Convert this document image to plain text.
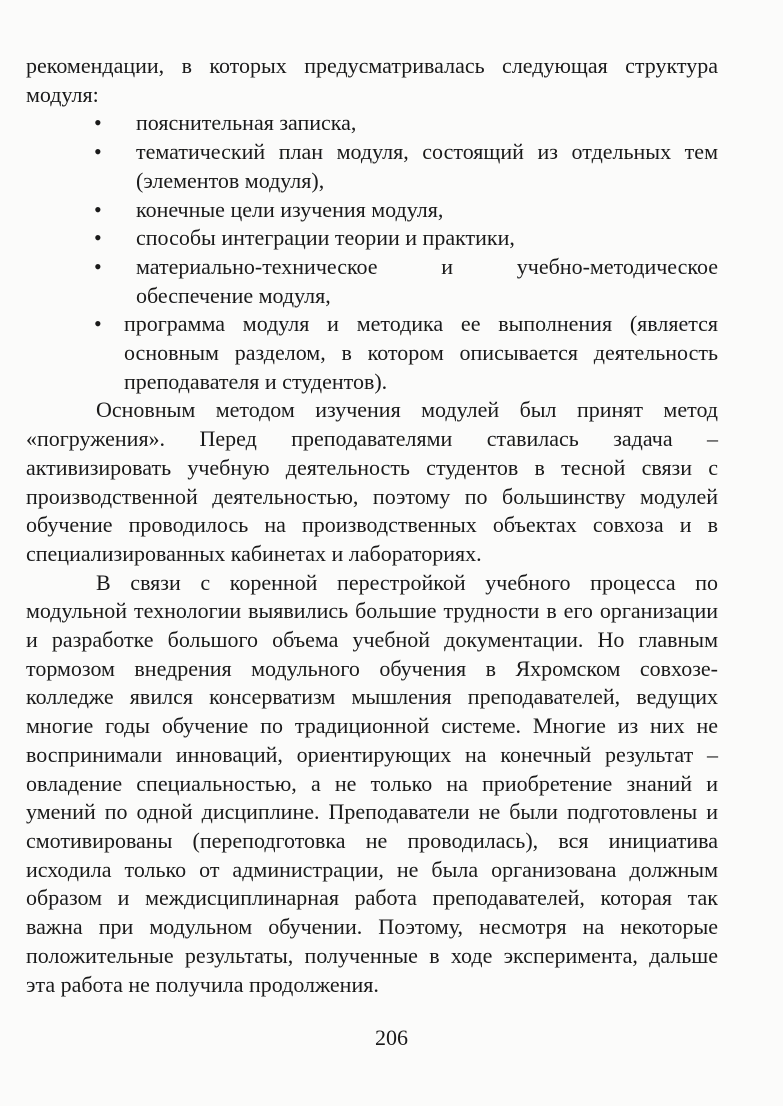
рекомендации, в которых предусматривалась следующая структура модуля:

• пояснительная записка,
• тематический план модуля, состоящий из отдельных тем (элементов модуля),
• конечные цели изучения модуля,
• способы интеграции теории и практики,
• материально-техническое и учебно-методическое обеспечение модуля,
• программа модуля и методика ее выполнения (является основным разделом, в котором описывается деятельность преподавателя и студентов).

Основным методом изучения модулей был принят метод «погружения». Перед преподавателями ставилась задача – активизировать учебную деятельность студентов в тесной связи с производственной деятельностью, поэтому по большинству модулей обучение проводилось на производственных объектах совхоза и в специализированных кабинетах и лабораториях.

В связи с коренной перестройкой учебного процесса по модульной технологии выявились большие трудности в его организации и разработке большого объема учебной документации. Но главным тормозом внедрения модульного обучения в Яхромском совхозе-колледже явился консерватизм мышления преподавателей, ведущих многие годы обучение по традиционной системе. Многие из них не воспринимали инноваций, ориентирующих на конечный результат – овладение специальностью, а не только на приобретение знаний и умений по одной дисциплине. Преподаватели не были подготовлены и смотивированы (переподготовка не проводилась), вся инициатива исходила только от администрации, не была организована должным образом и междисциплинарная работа преподавателей, которая так важна при модульном обучении. Поэтому, несмотря на некоторые положительные результаты, полученные в ходе эксперимента, дальше эта работа не получила продолжения.

206
